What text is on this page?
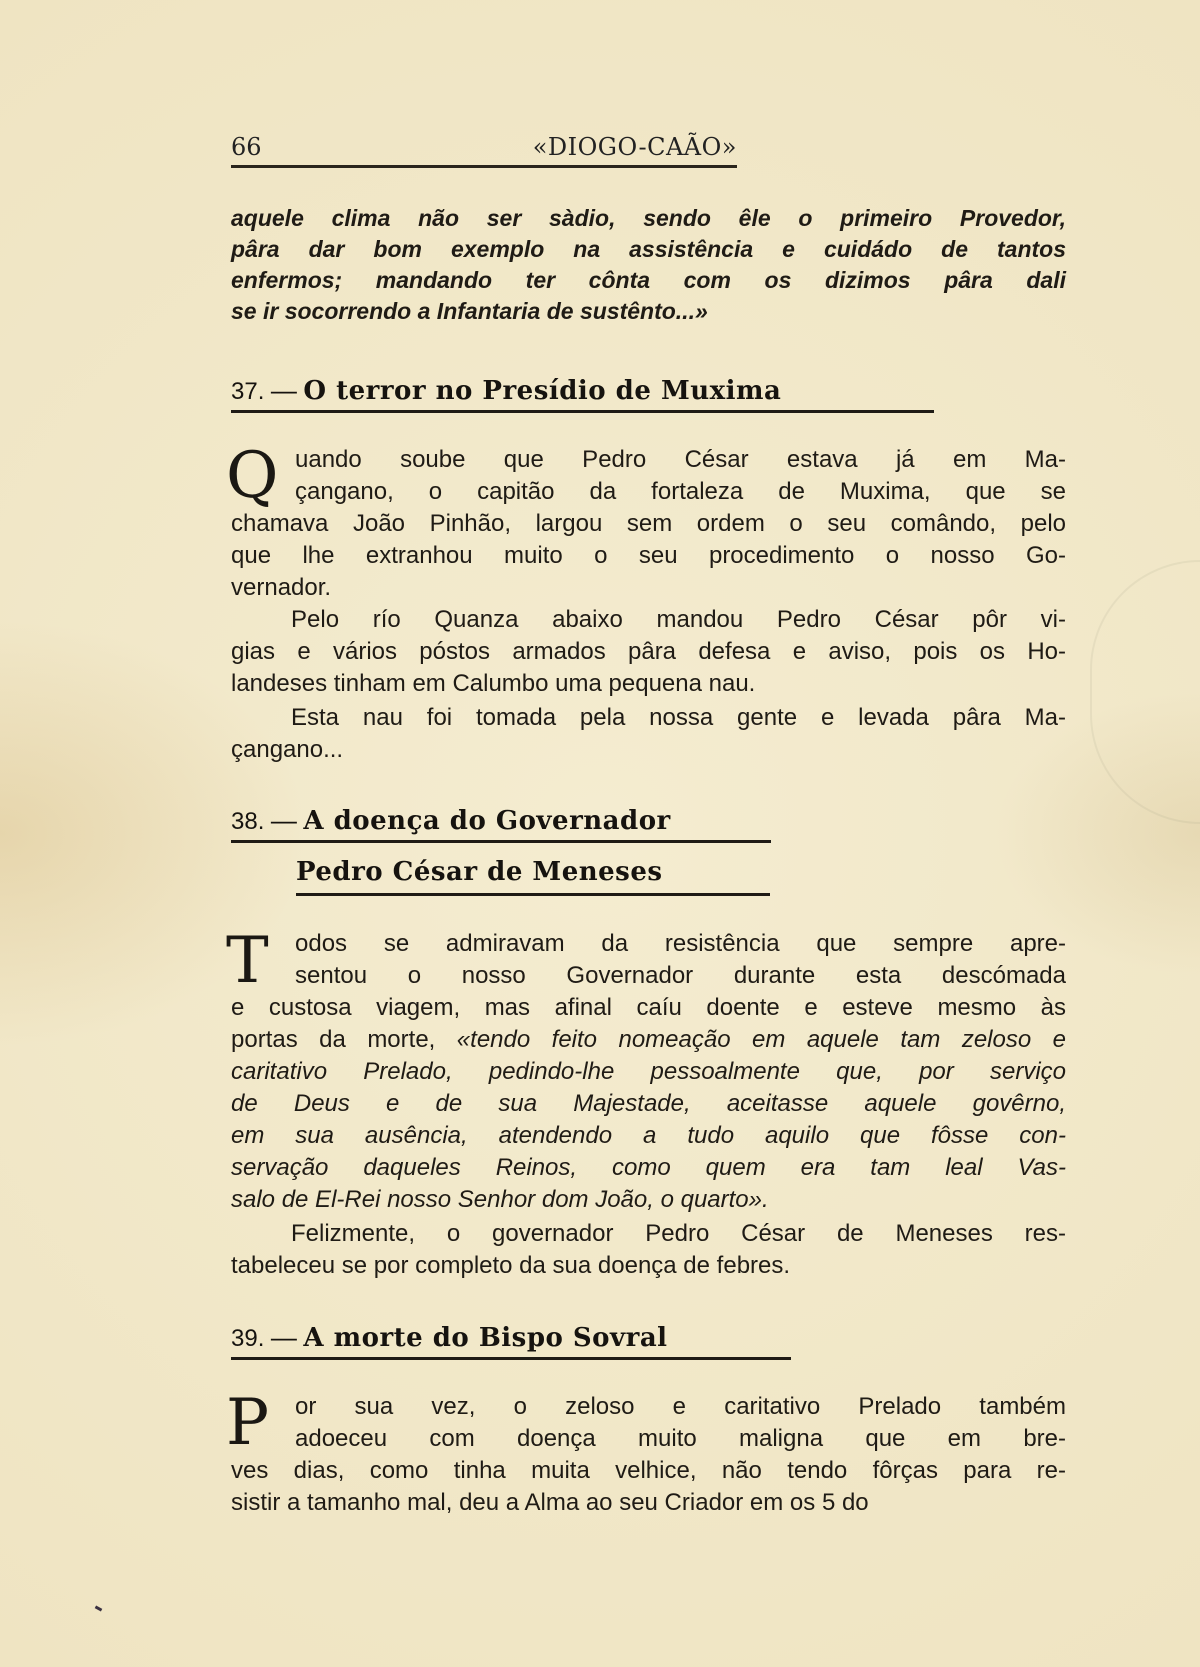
66	«DIOGO-CAÃO»
aquele clima não ser sàdio, sendo êle o primeiro Provedor,
pâra dar bom exemplo na assistência e cuidádo de tantos
enfermos; mandando ter cônta com os dizimos pâra dali
se ir socorrendo a Infantaria de sustênto...»
37. — O terror no Presídio de Muxima
Q uando soube que Pedro César estava já em Ma-
çangano, o capitão da fortaleza de Muxima, que se
chamava João Pinhão, largou sem ordem o seu comândo, pelo
que lhe extranhou muito o seu procedimento o nosso Go-
vernador.
Pelo río Quanza abaixo mandou Pedro César pôr vi-
gias e vários póstos armados pâra defesa e aviso, pois os Ho-
landeses tinham em Calumbo uma pequena nau.
Esta nau foi tomada pela nossa gente e levada pâra Ma-
çangano...
38. — A doença do Governador
Pedro César de Meneses
T	odos se admiravam da resistência que sempre apre-
sentou o nosso Governador durante esta descómada
e custosa viagem, mas afinal caíu doente e esteve mesmo às
portas da morte, «tendo feito nomeação em aquele tam zeloso e
caritativo Prelado, pedindo-lhe pessoalmente que, por serviço
de Deus e de sua Majestade, aceitasse aquele govêrno,
em sua ausência, atendendo a tudo aquilo que fôsse con-
servação daqueles Reinos, como quem era tam leal Vas-
salo de El-Rei nosso Senhor dom João, o quarto».
Felizmente, o governador Pedro César de Meneses res-
tabeleceu se por completo da sua doença de febres.
39. — A morte do Bispo Sovral
P	or sua vez, o zeloso e caritativo Prelado também
adoeceu com doença muito maligna que em bre-
ves dias, como tinha muita velhice, não tendo fôrças para re-
sistir a tamanho mal, deu a Alma ao seu Criador em os 5 do
